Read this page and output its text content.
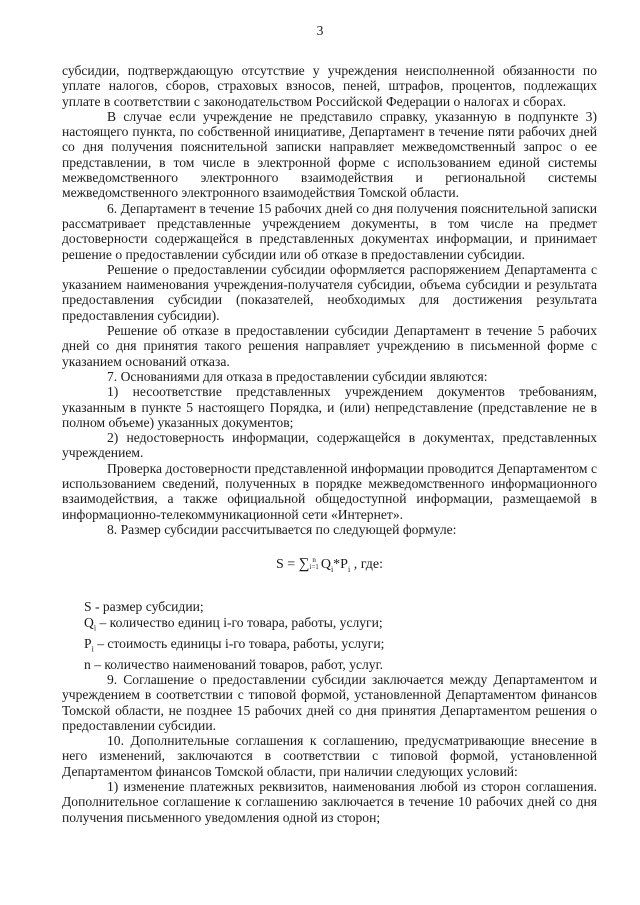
3

субсидии, подтверждающую отсутствие у учреждения неисполненной обязанности по уплате налогов, сборов, страховых взносов, пеней, штрафов, процентов, подлежащих уплате в соответствии с законодательством Российской Федерации о налогах и сборах.

В случае если учреждение не представило справку, указанную в подпункте 3) настоящего пункта, по собственной инициативе, Департамент в течение пяти рабочих дней со дня получения пояснительной записки направляет межведомственный запрос о ее представлении, в том числе в электронной форме с использованием единой системы межведомственного электронного взаимодействия и региональной системы межведомственного электронного взаимодействия Томской области.

6. Департамент в течение 15 рабочих дней со дня получения пояснительной записки рассматривает представленные учреждением документы, в том числе на предмет достоверности содержащейся в представленных документах информации, и принимает решение о предоставлении субсидии или об отказе в предоставлении субсидии.

Решение о предоставлении субсидии оформляется распоряжением Департамента с указанием наименования учреждения-получателя субсидии, объема субсидии и результата предоставления субсидии (показателей, необходимых для достижения результата предоставления субсидии).

Решение об отказе в предоставлении субсидии Департамент в течение 5 рабочих дней со дня принятия такого решения направляет учреждению в письменной форме с указанием оснований отказа.

7. Основаниями для отказа в предоставлении субсидии являются:

1) несоответствие представленных учреждением документов требованиям, указанным в пункте 5 настоящего Порядка, и (или) непредставление (представление не в полном объеме) указанных документов;

2) недостоверность информации, содержащейся в документах, представленных учреждением.

Проверка достоверности представленной информации проводится Департаментом с использованием сведений, полученных в порядке межведомственного информационного взаимодействия, а также официальной общедоступной информации, размещаемой в информационно-телекоммуникационной сети «Интернет».

8. Размер субсидии рассчитывается по следующей формуле:

S = ∑ n
i=1 $Q_i*P_i$ , где:

S - размер субсидии;

$Q_i$ – количество единиц i-го товара, работы, услуги;

$P_i$ – стоимость единицы i-го товара, работы, услуги;

n – количество наименований товаров, работ, услуг.

9. Соглашение о предоставлении субсидии заключается между Департаментом и учреждением в соответствии с типовой формой, установленной Департаментом финансов Томской области, не позднее 15 рабочих дней со дня принятия Департаментом решения о предоставлении субсидии.

10. Дополнительные соглашения к соглашению, предусматривающие внесение в него изменений, заключаются в соответствии с типовой формой, установленной Департаментом финансов Томской области, при наличии следующих условий:

1) изменение платежных реквизитов, наименования любой из сторон соглашения. Дополнительное соглашение к соглашению заключается в течение 10 рабочих дней со дня получения письменного уведомления одной из сторон;
